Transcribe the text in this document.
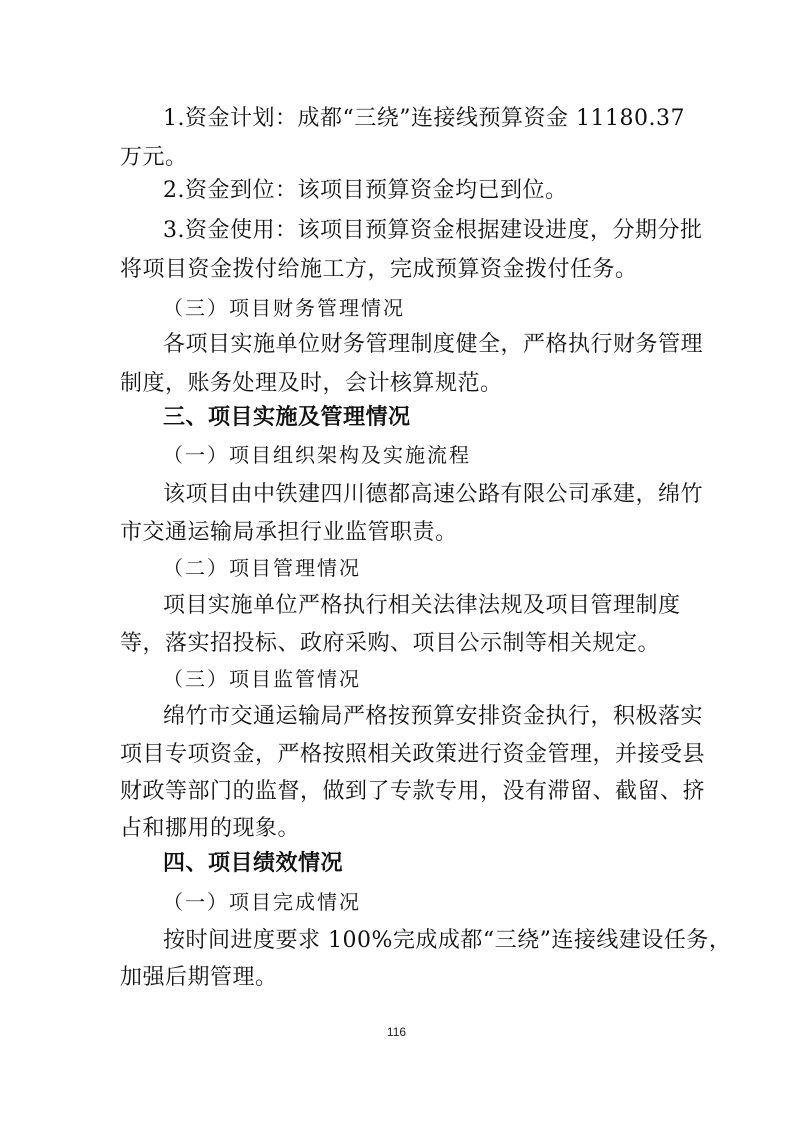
1.资金计划：成都“三绕”连接线预算资金 11180.37
万元。
2.资金到位：该项目预算资金均已到位。
3.资金使用：该项目预算资金根据建设进度，分期分批
将项目资金拨付给施工方，完成预算资金拨付任务。
（三）项目财务管理情况
各项目实施单位财务管理制度健全，严格执行财务管理
制度，账务处理及时，会计核算规范。
三、项目实施及管理情况
（一）项目组织架构及实施流程
该项目由中铁建四川德都高速公路有限公司承建，绵竹
市交通运输局承担行业监管职责。
（二）项目管理情况
项目实施单位严格执行相关法律法规及项目管理制度
等，落实招投标、政府采购、项目公示制等相关规定。
（三）项目监管情况
绵竹市交通运输局严格按预算安排资金执行，积极落实
项目专项资金，严格按照相关政策进行资金管理，并接受县
财政等部门的监督，做到了专款专用，没有滞留、截留、挤
占和挪用的现象。
四、项目绩效情况
（一）项目完成情况
按时间进度要求 100%完成成都“三绕”连接线建设任务，
加强后期管理。
116
